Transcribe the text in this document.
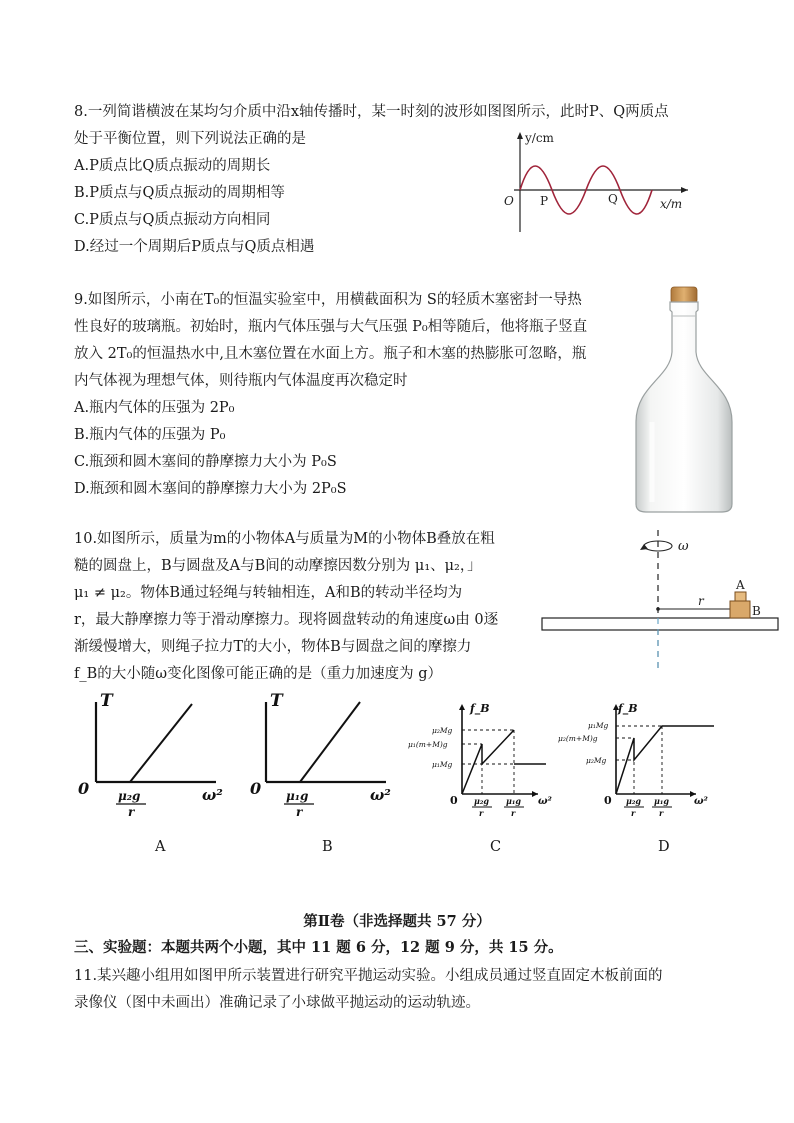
8.一列简谐横波在某均匀介质中沿x轴传播时，某一时刻的波形如图图所示，此时P、Q两质点
处于平衡位置，则下列说法正确的是
A.P质点比Q质点振动的周期长
B.P质点与Q质点振动的周期相等
C.P质点与Q质点振动方向相同
D.经过一个周期后P质点与Q质点相遇
y/cm
x/m
O P	Q
9.如图所示，小南在T₀的恒温实验室中，用横截面积为 S的轻质木塞密封一导热
性良好的玻璃瓶。初始时，瓶内气体压强与大气压强 P₀相等随后，他将瓶子竖直
放入 2T₀的恒温热水中,且木塞位置在水面上方。瓶子和木塞的热膨胀可忽略，瓶
内气体视为理想气体，则待瓶内气体温度再次稳定时
A.瓶内气体的压强为 2P₀
B.瓶内气体的压强为 P₀
C.瓶颈和圆木塞间的静摩擦力大小为 P₀S
D.瓶颈和圆木塞间的静摩擦力大小为 2P₀S
10.如图所示，质量为m的小物体A与质量为M的小物体B叠放在粗
糙的圆盘上，B与圆盘及A与B间的动摩擦因数分别为 μ₁、μ₂，」
μ₁ ≠ μ₂。物体B通过轻绳与转轴相连，A和B的转动半径均为
r，最大静摩擦力等于滑动摩擦力。现将圆盘转动的角速度ω由 0逐
渐缓慢增大，则绳子拉力T的大小，物体B与圆盘之间的摩擦力
f_B的大小随ω变化图像可能正确的是（重力加速度为 g）
ω
r
A
B
T
ω²
0 μ₂g
r
A
T
ω²
0 μ₁g
r
B
f_B
μ₂Mg
μ₁(m+M)g
μ₁Mg
0 μ₂g
r
μ₁g
r
ω²
C
f_B
μ₁Mg
μ₂(m+M)g
μ₂Mg
0 μ₂g
r
μ₁g
r
ω²
D
第Ⅱ卷（非选择题共 57 分）
三、实验题：本题共两个小题，其中 11 题 6 分，12 题 9 分，共 15 分。
11.某兴趣小组用如图甲所示装置进行研究平抛运动实验。小组成员通过竖直固定木板前面的
录像仪（图中未画出）准确记录了小球做平抛运动的运动轨迹。
